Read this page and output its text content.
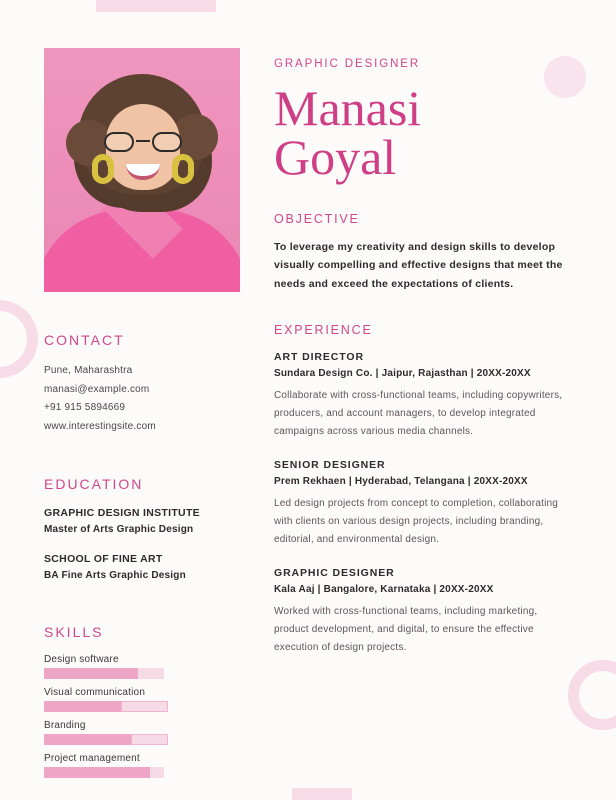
CONTACT
Pune, Maharashtra
manasi@example.com
+91 915 5894669
www.interestingsite.com
EDUCATION
GRAPHIC DESIGN INSTITUTE
Master of Arts Graphic Design
SCHOOL OF FINE ART
BA Fine Arts Graphic Design
SKILLS
Design software
Visual communication
Branding
Project management
GRAPHIC DESIGNER
Manasi
Goyal
OBJECTIVE

To leverage my creativity and design skills to develop visually compelling and effective designs that meet the needs and exceed the expectations of clients.

EXPERIENCE
ART DIRECTOR
Sundara Design Co. | Jaipur, Rajasthan | 20XX-20XX

Collaborate with cross-functional teams, including copywriters, producers, and account managers, to develop integrated campaigns across various media channels.

SENIOR DESIGNER
Prem Rekhaen | Hyderabad, Telangana | 20XX-20XX

Led design projects from concept to completion, collaborating with clients on various design projects, including branding, editorial, and environmental design.

GRAPHIC DESIGNER
Kala Aaj | Bangalore, Karnataka | 20XX-20XX

Worked with cross-functional teams, including marketing, product development, and digital, to ensure the effective execution of design projects.
